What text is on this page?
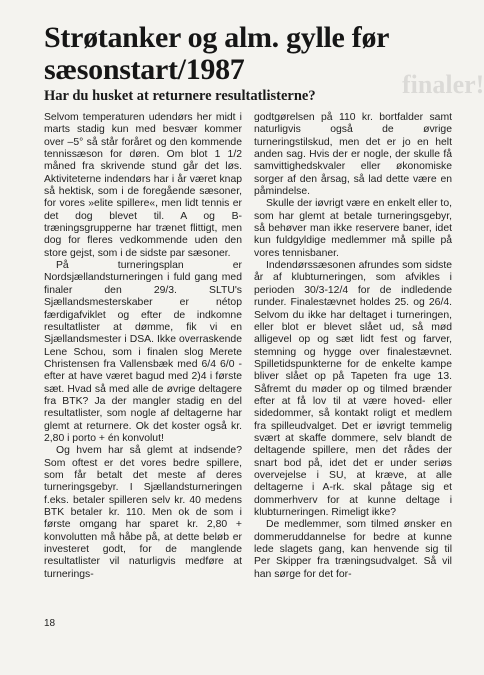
finaler!
Strøtanker og alm. gylle før
sæsonstart/1987
Har du husket at returnere resultatlisterne?

Selvom temperaturen udendørs her midt i marts stadig kun med besvær kommer over –5° så står foråret og den kommende tennissæson for døren. Om blot 1 1/2 måned fra skrivende stund går det løs. Aktiviteterne indendørs har i år været knap så hektisk, som i de foregående sæsoner, for vores »elite spillere«, men lidt tennis er det dog blevet til. A og B-træningsgrupperne har trænet flittigt, men dog for fleres vedkommende uden den store gejst, som i de sidste par sæsoner.

På turneringsplan er Nordsjællandsturneringen i fuld gang med finaler den 29/3. SLTU's Sjællandsmesterskaber er nétop færdigafviklet og efter de indkomne resultatlister at dømme, fik vi en Sjællandsmester i DSA. Ikke overraskende Lene Schou, som i finalen slog Merete Christensen fra Vallensbæk med 6/4 6/0 - efter at have været bagud med 2)4 i første sæt. Hvad så med alle de øvrige deltagere fra BTK? Ja der mangler stadig en del resultatlister, som nogle af deltagerne har glemt at returnere. Ok det koster også kr. 2,80 i porto + én konvolut!

Og hvem har så glemt at indsende? Som oftest er det vores bedre spillere, som får betalt det meste af deres turneringsgebyr. I Sjællandsturneringen f.eks. betaler spilleren selv kr. 40 medens BTK betaler kr. 110. Men ok de som i første omgang har sparet kr. 2,80 + konvolutten må håbe på, at dette beløb er investeret godt, for de manglende resultatlister vil naturligvis medføre at turnerings-

godtgørelsen på 110 kr. bortfalder samt naturligvis også de øvrige turneringstilskud, men det er jo en helt anden sag. Hvis der er nogle, der skulle få samvittighedskvaler eller økonomiske sorger af den årsag, så lad dette være en påmindelse.

Skulle der iøvrigt være en enkelt eller to, som har glemt at betale turneringsgebyr, så behøver man ikke reservere baner, idet kun fuldgyldige medlemmer må spille på vores tennisbaner.

Indendørssæsonen afrundes som sidste år af klubturneringen, som afvikles i perioden 30/3-12/4 for de indledende runder. Finalestævnet holdes 25. og 26/4. Selvom du ikke har deltaget i turneringen, eller blot er blevet slået ud, så mød alligevel op og sæt lidt fest og farver, stemning og hygge over finalestævnet. Spilletidspunkterne for de enkelte kampe bliver slået op på Tapeten fra uge 13. Såfremt du møder op og tilmed brænder efter at få lov til at være hoved- eller sidedommer, så kontakt roligt et medlem fra spilleudvalget. Det er iøvrigt temmelig svært at skaffe dommere, selv blandt de deltagende spillere, men det rådes der snart bod på, idet det er under seriøs overvejelse i SU, at kræve, at alle deltagerne i A-rk. skal påtage sig et dommerhverv for at kunne deltage i klubturneringen. Rimeligt ikke?

De medlemmer, som tilmed ønsker en dommeruddannelse for bedre at kunne lede slagets gang, kan henvende sig til Per Skipper fra træningsudvalget. Så vil han sørge for det for-

18
